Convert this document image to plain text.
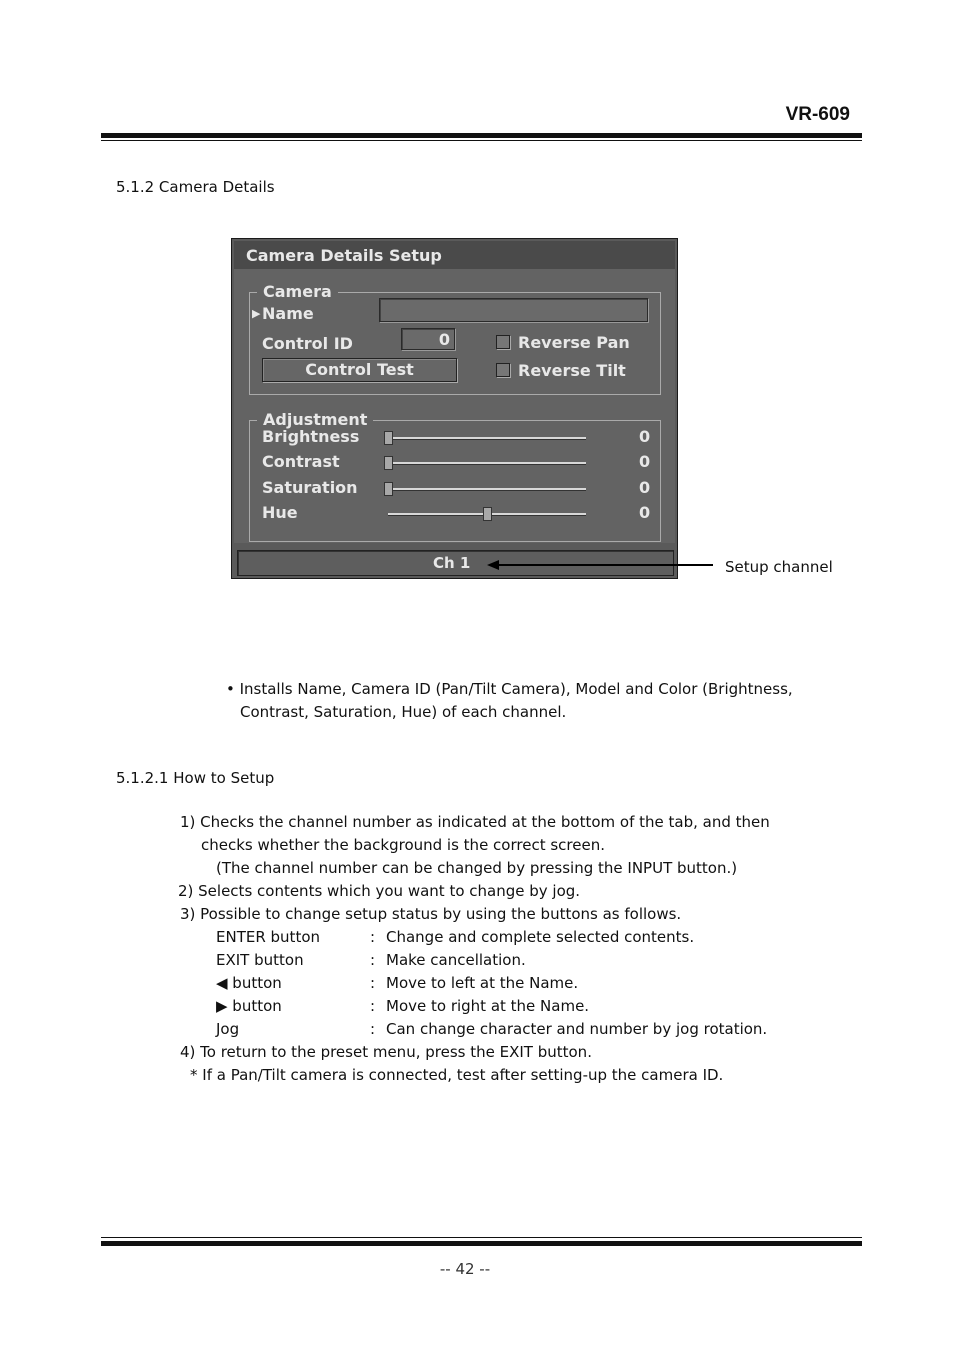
VR-609
5.1.2 Camera Details
Camera Details Setup
Camera
▶ Name
Control ID	0	Reverse Pan
Control Test	Reverse Tilt
Adjustment
Brightness	0
Contrast	0
Saturation	0
Hue	0
Ch 1	Setup channel
• Installs Name, Camera ID (Pan/Tilt Camera), Model and Color (Brightness,
Contrast, Saturation, Hue) of each channel.
5.1.2.1 How to Setup
1) Checks the channel number as indicated at the bottom of the tab, and then
checks whether the background is the correct screen.
(The channel number can be changed by pressing the INPUT button.)
2) Selects contents which you want to change by jog.
3) Possible to change setup status by using the buttons as follows.
ENTER button	: Change and complete selected contents.
EXIT button	: Make cancellation.
◀ button	: Move to left at the Name.
▶ button	: Move to right at the Name.
Jog	: Can change character and number by jog rotation.
4) To return to the preset menu, press the EXIT button.
* If a Pan/Tilt camera is connected, test after setting-up the camera ID.
-- 42 --
